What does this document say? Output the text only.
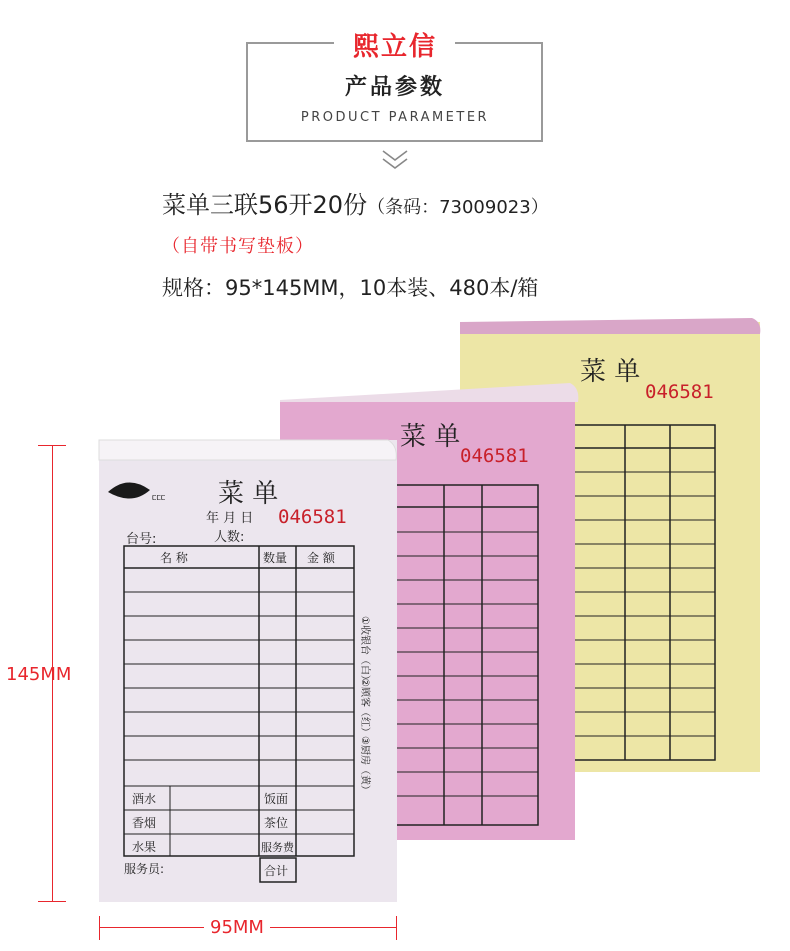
熙立信
产品参数
PRODUCT PARAMETER
菜单三联56开20份（条码：73009023）
（自带书写垫板）
规格：95*145MM，10本装、480本/箱
菜 单
046581
菜 单
046581
ᥴᥴᥴ 菜 单
年 月 日 046581
台号:	人数:
名 称	数量 金 额
酒水
香烟
水果
饭面
茶位
服务费
合计
服务员:
①收银台（白）
②顾客（红）
③厨房（黄）
145MM
95MM
